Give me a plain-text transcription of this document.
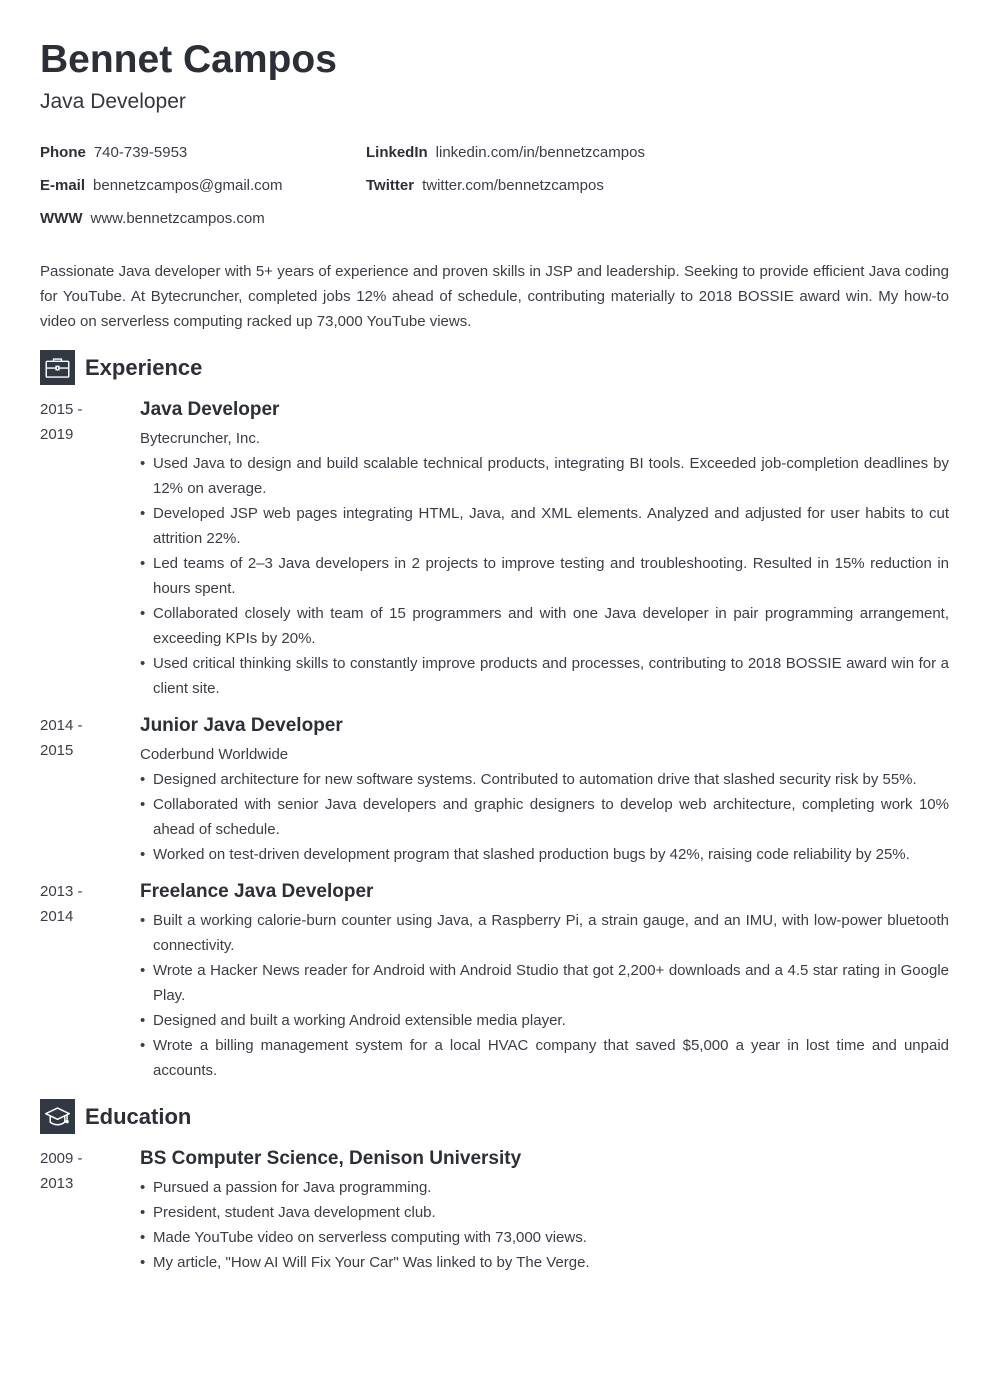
Bennet Campos
Java Developer
Phone 740-739-5953	LinkedIn linkedin.com/in/bennetzcampos
E-mail bennetzcampos@gmail.com	Twitter twitter.com/bennetzcampos
WWW www.bennetzcampos.com

Passionate Java developer with 5+ years of experience and proven skills in JSP and leadership. Seeking to provide efficient Java coding for YouTube. At Bytecruncher, completed jobs 12% ahead of schedule, contributing materially to 2018 BOSSIE award win. My how-to video on serverless computing racked up 73,000 YouTube views.

Experience
2015 -
2019
Java Developer
Bytecruncher, Inc.
• Used Java to design and build scalable technical products, integrating BI tools. Exceeded job-completion deadlines by 12% on average.
• Developed JSP web pages integrating HTML, Java, and XML elements. Analyzed and adjusted for user habits to cut attrition 22%.
• Led teams of 2–3 Java developers in 2 projects to improve testing and troubleshooting. Resulted in 15% reduction in hours spent.
• Collaborated closely with team of 15 programmers and with one Java developer in pair programming arrangement, exceeding KPIs by 20%.
• Used critical thinking skills to constantly improve products and processes, contributing to 2018 BOSSIE award win for a client site.
2014 -
2015
Junior Java Developer
Coderbund Worldwide
• Designed architecture for new software systems. Contributed to automation drive that slashed security risk by 55%.
• Collaborated with senior Java developers and graphic designers to develop web architecture, completing work 10% ahead of schedule.
• Worked on test-driven development program that slashed production bugs by 42%, raising code reliability by 25%.
2013 -
2014
Freelance Java Developer
• Built a working calorie-burn counter using Java, a Raspberry Pi, a strain gauge, and an IMU, with low-power bluetooth connectivity.
• Wrote a Hacker News reader for Android with Android Studio that got 2,200+ downloads and a 4.5 star rating in Google Play.
• Designed and built a working Android extensible media player.
• Wrote a billing management system for a local HVAC company that saved $5,000 a year in lost time and unpaid accounts.
Education
2009 -
2013
BS Computer Science, Denison University
• Pursued a passion for Java programming.
• President, student Java development club.
• Made YouTube video on serverless computing with 73,000 views.
• My article, "How AI Will Fix Your Car" Was linked to by The Verge.
